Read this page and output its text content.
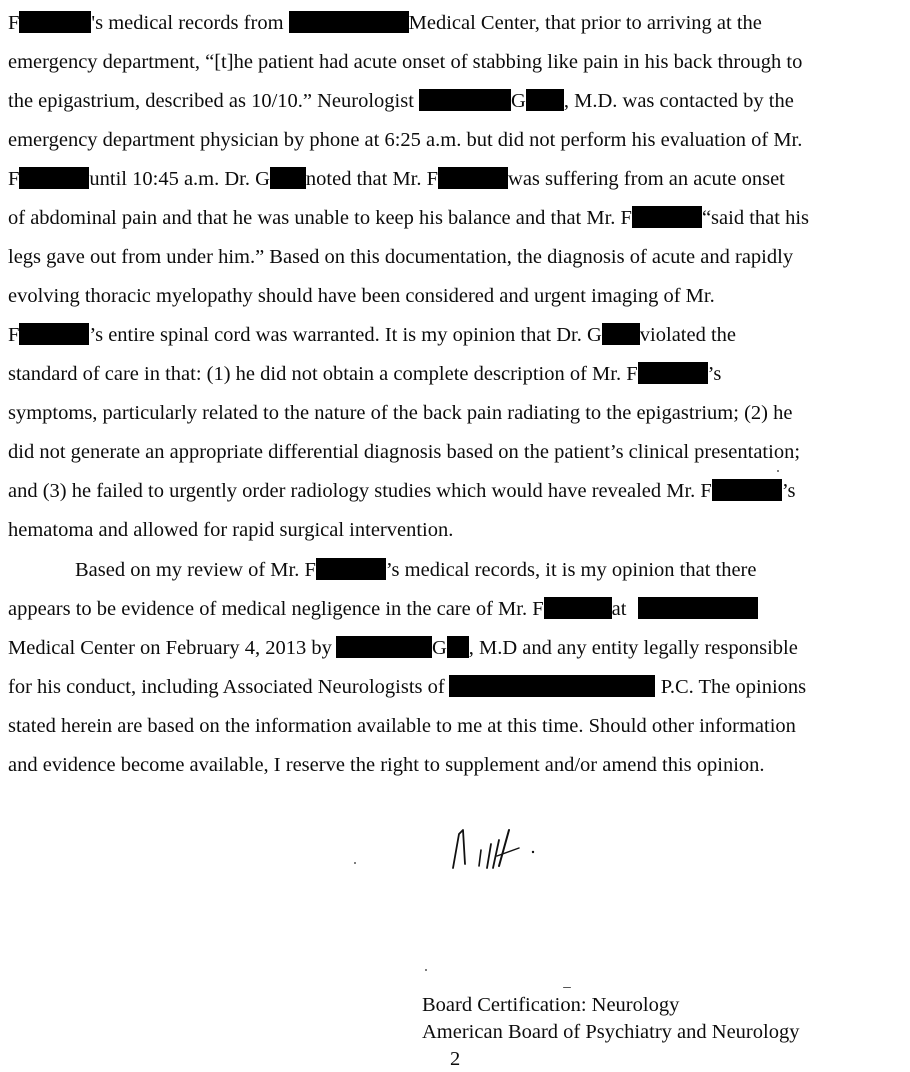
F	's medical records from	Medical Center, that prior to arriving at the
emergency department, “[t]he patient had acute onset of stabbing like pain in his back through to
the epigastrium, described as 10/10.” Neurologist	G , M.D. was contacted by the
emergency department physician by phone at 6:25 a.m. but did not perform his evaluation of Mr.
F	until 10:45 a.m. Dr. G noted that Mr. F	was suffering from an acute onset
of abdominal pain and that he was unable to keep his balance and that Mr. F	“said that his
legs gave out from under him.” Based on this documentation, the diagnosis of acute and rapidly
evolving thoracic myelopathy should have been considered and urgent imaging of Mr.
F	’s entire spinal cord was warranted. It is my opinion that Dr. G violated the
standard of care in that: (1) he did not obtain a complete description of Mr. F	’s
symptoms, particularly related to the nature of the back pain radiating to the epigastrium; (2) he
did not generate an appropriate differential diagnosis based on the patient’s clinical presentation;
and (3) he failed to urgently order radiology studies which would have revealed Mr. F	’s
hematoma and allowed for rapid surgical intervention.
Based on my review of Mr. F	’s medical records, it is my opinion that there
appears to be evidence of medical negligence in the care of Mr. F	at
Medical Center on February 4, 2013 by	G , M.D and any entity legally responsible
for his conduct, including Associated Neurologists of	P.C. The opinions
stated herein are based on the information available to me at this time. Should other information
and evidence become available, I reserve the right to supplement and/or amend this opinion.
Board Certification: Neurology
American Board of Psychiatry and Neurology
2
